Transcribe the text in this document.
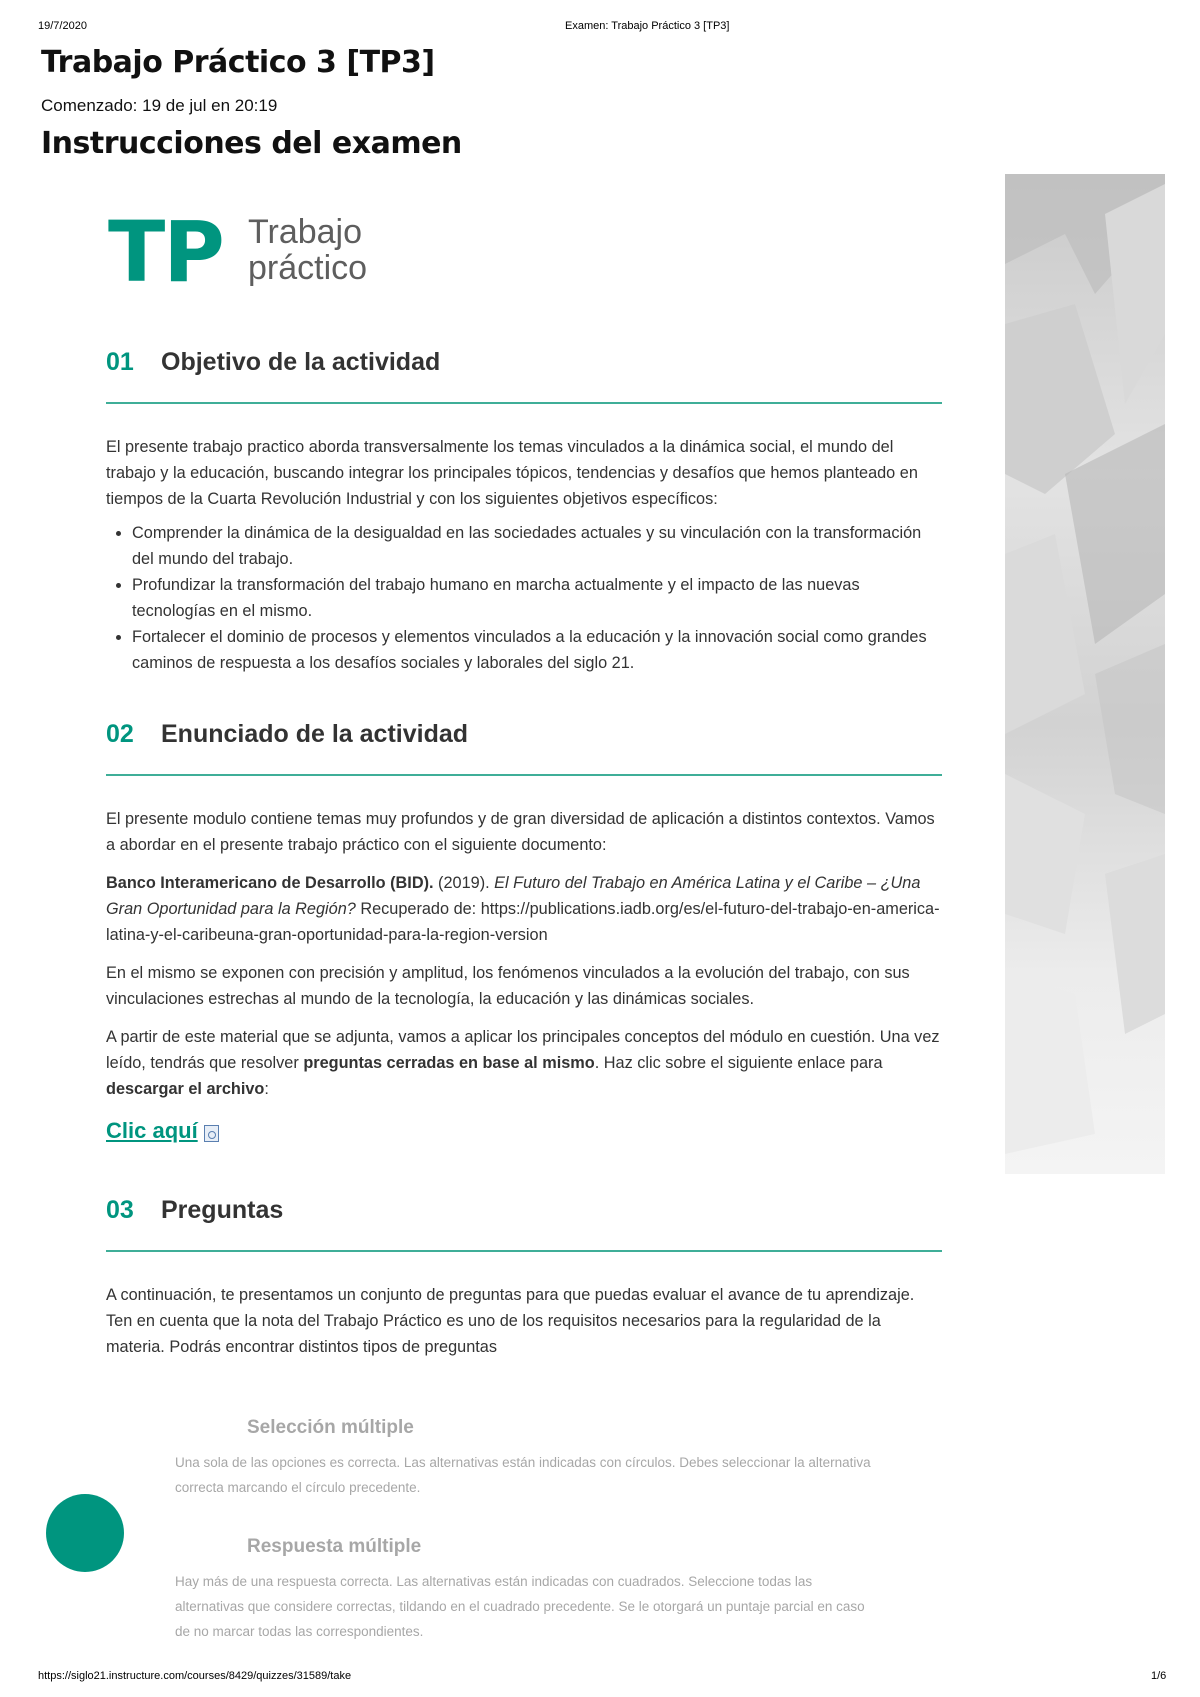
19/7/2020	Examen: Trabajo Práctico 3 [TP3]
https://siglo21.instructure.com/courses/8429/quizzes/31589/take	1/6
Trabajo Práctico 3 [TP3]
Comenzado: 19 de jul en 20:19
Instrucciones del examen
TP Trabajo
práctico
01	Objetivo de la actividad

El presente trabajo practico aborda transversalmente los temas vinculados a la dinámica social, el mundo del trabajo y la educación, buscando integrar los principales tópicos, tendencias y desafíos que hemos planteado en tiempos de la Cuarta Revolución Industrial y con los siguientes objetivos específicos:

• Comprender la dinámica de la desigualdad en las sociedades actuales y su vinculación con la transformación del mundo del trabajo.
• Profundizar la transformación del trabajo humano en marcha actualmente y el impacto de las nuevas tecnologías en el mismo.
• Fortalecer el dominio de procesos y elementos vinculados a la educación y la innovación social como grandes caminos de respuesta a los desafíos sociales y laborales del siglo 21.
02	Enunciado de la actividad

El presente modulo contiene temas muy profundos y de gran diversidad de aplicación a distintos contextos. Vamos a abordar en el presente trabajo práctico con el siguiente documento:

Banco Interamericano de Desarrollo (BID). (2019). El Futuro del Trabajo en América Latina y el Caribe – ¿Una Gran Oportunidad para la Región? Recuperado de: https://publications.iadb.org/es/el-futuro-del-trabajo-en-america-latina-y-el-caribeuna-gran-oportunidad-para-la-region-version

En el mismo se exponen con precisión y amplitud, los fenómenos vinculados a la evolución del trabajo, con sus vinculaciones estrechas al mundo de la tecnología, la educación y las dinámicas sociales.

A partir de este material que se adjunta, vamos a aplicar los principales conceptos del módulo en cuestión. Una vez leído, tendrás que resolver preguntas cerradas en base al mismo. Haz clic sobre el siguiente enlace para descargar el archivo:

Clic aquí
03	Preguntas

A continuación, te presentamos un conjunto de preguntas para que puedas evaluar el avance de tu aprendizaje. Ten en cuenta que la nota del Trabajo Práctico es uno de los requisitos necesarios para la regularidad de la materia. Podrás encontrar distintos tipos de preguntas

Selección múltiple
Una sola de las opciones es correcta. Las alternativas están indicadas con círculos. Debes seleccionar la alternativa correcta marcando el círculo precedente.
Respuesta múltiple
Hay más de una respuesta correcta. Las alternativas están indicadas con cuadrados. Seleccione todas las alternativas que considere correctas, tildando en el cuadrado precedente. Se le otorgará un puntaje parcial en caso de no marcar todas las correspondientes.
